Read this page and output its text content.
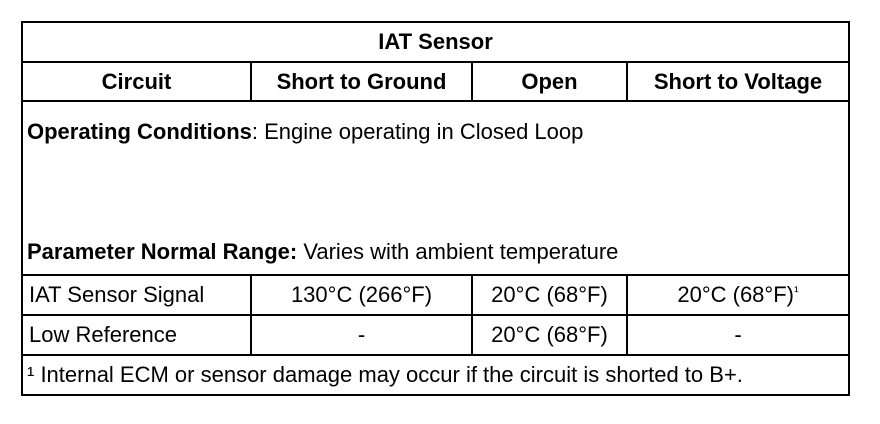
IAT Sensor			
Circuit	Short to Ground	Open	Short to Voltage

Operating Conditions: Engine operating in Closed Loop
Parameter Normal Range: Varies with ambient temperature			

IAT Sensor Signal	130°C (266°F)	20°C (68°F)	20°C $(68^\circ F)^{^1}$
Low Reference	-	20°C (68°F)	-
¹ Internal ECM or sensor damage may occur if the circuit is shorted to B+.			
